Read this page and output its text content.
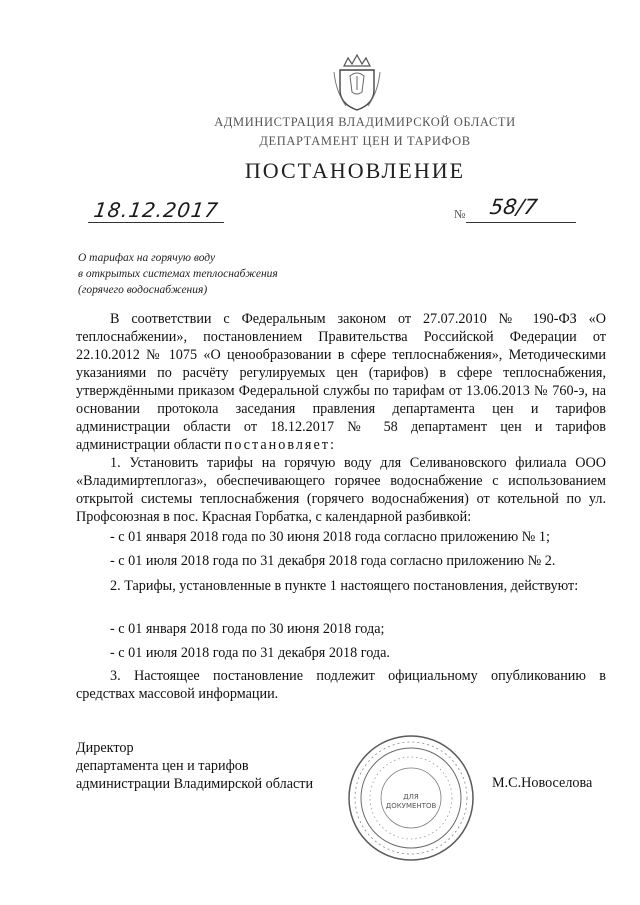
АДМИНИСТРАЦИЯ ВЛАДИМИРСКОЙ ОБЛАСТИ
ДЕПАРТАМЕНТ ЦЕН И ТАРИФОВ
ПОСТАНОВЛЕНИЕ
18.12.2017	№ 58/7
О тарифах на горячую воду
в открытых системах теплоснабжения
(горячего водоснабжения)

В соответствии с Федеральным законом от 27.07.2010 № 190-ФЗ «О теплоснабжении», постановлением Правительства Российской Федерации от 22.10.2012 № 1075 «О ценообразовании в сфере теплоснабжения», Методическими указаниями по расчёту регулируемых цен (тарифов) в сфере теплоснабжения, утверждёнными приказом Федеральной службы по тарифам от 13.06.2013 № 760-э, на основании протокола заседания правления департамента цен и тарифов администрации области от 18.12.2017 № 58 департамент цен и тарифов администрации области постановляет:

1. Установить тарифы на горячую воду для Селивановского филиала ООО «Владимиртеплогаз», обеспечивающего горячее водоснабжение с использованием открытой системы теплоснабжения (горячего водоснабжения) от котельной по ул. Профсоюзная в пос. Красная Горбатка, с календарной разбивкой:

- с 01 января 2018 года по 30 июня 2018 года согласно приложению № 1;

- с 01 июля 2018 года по 31 декабря 2018 года согласно приложению № 2.

2. Тарифы, установленные в пункте 1 настоящего постановления, действуют:

- с 01 января 2018 года по 30 июня 2018 года;

- с 01 июля 2018 года по 31 декабря 2018 года.

3. Настоящее постановление подлежит официальному опубликованию в средствах массовой информации.

Директор
департамента цен и тарифов
администрации Владимирской области
ДЛЯ
ДОКУМЕНТОВ
М.С.Новоселова
